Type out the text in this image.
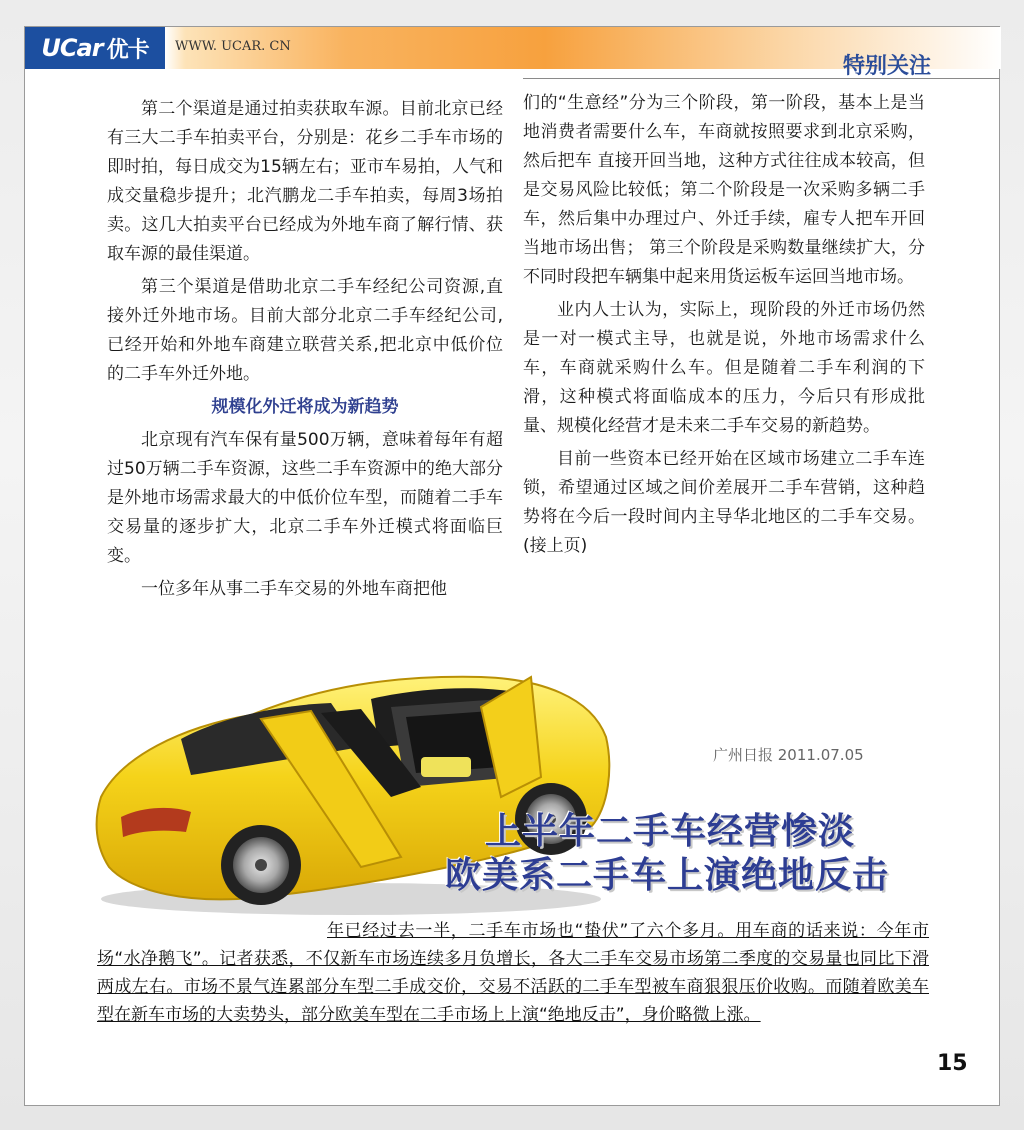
UCar 优卡 WWW. UCAR. CN
特别关注

第二个渠道是通过拍卖获取车源。目前北京已经有三大二手车拍卖平台，分别是：花乡二手车市场的即时拍，每日成交为15辆左右；亚市车易拍，人气和成交量稳步提升；北汽鹏龙二手车拍卖，每周3场拍卖。这几大拍卖平台已经成为外地车商了解行情、获取车源的最佳渠道。

第三个渠道是借助北京二手车经纪公司资源,直接外迁外地市场。目前大部分北京二手车经纪公司,已经开始和外地车商建立联营关系,把北京中低价位的二手车外迁外地。

规模化外迁将成为新趋势

北京现有汽车保有量500万辆，意味着每年有超过50万辆二手车资源，这些二手车资源中的绝大部分是外地市场需求最大的中低价位车型，而随着二手车交易量的逐步扩大，北京二手车外迁模式将面临巨变。

一位多年从事二手车交易的外地车商把他

们的“生意经”分为三个阶段，第一阶段，基本上是当地消费者需要什么车，车商就按照要求到北京采购，然后把车 直接开回当地，这种方式往往成本较高，但是交易风险比较低；第二个阶段是一次采购多辆二手车，然后集中办理过户、外迁手续，雇专人把车开回当地市场出售； 第三个阶段是采购数量继续扩大，分不同时段把车辆集中起来用货运板车运回当地市场。

业内人士认为，实际上，现阶段的外迁市场仍然是一对一模式主导，也就是说，外地市场需求什么车，车商就采购什么车。但是随着二手车利润的下滑，这种模式将面临成本的压力，今后只有形成批量、规模化经营才是未来二手车交易的新趋势。

目前一些资本已经开始在区域市场建立二手车连锁，希望通过区域之间价差展开二手车营销，这种趋势将在今后一段时间内主导华北地区的二手车交易。(接上页)

广州日报 2011.07.05
上半年二手车经营惨淡
欧美系二手车上演绝地反击
年已经过去一半，二手车市场也“蛰伏”了六个多月。用车商的话来说：今年市场“水净鹅飞”。记者获悉，不仅新车市场连续多月负增长，各大二手车交易市场第二季度的交易量也同比下滑两成左右。市场不景气连累部分车型二手成交价，交易不活跃的二手车型被车商狠狠压价收购。而随着欧美车型在新车市场的大卖势头，部分欧美车型在二手市场上上演“绝地反击”，身价略微上涨。
15
